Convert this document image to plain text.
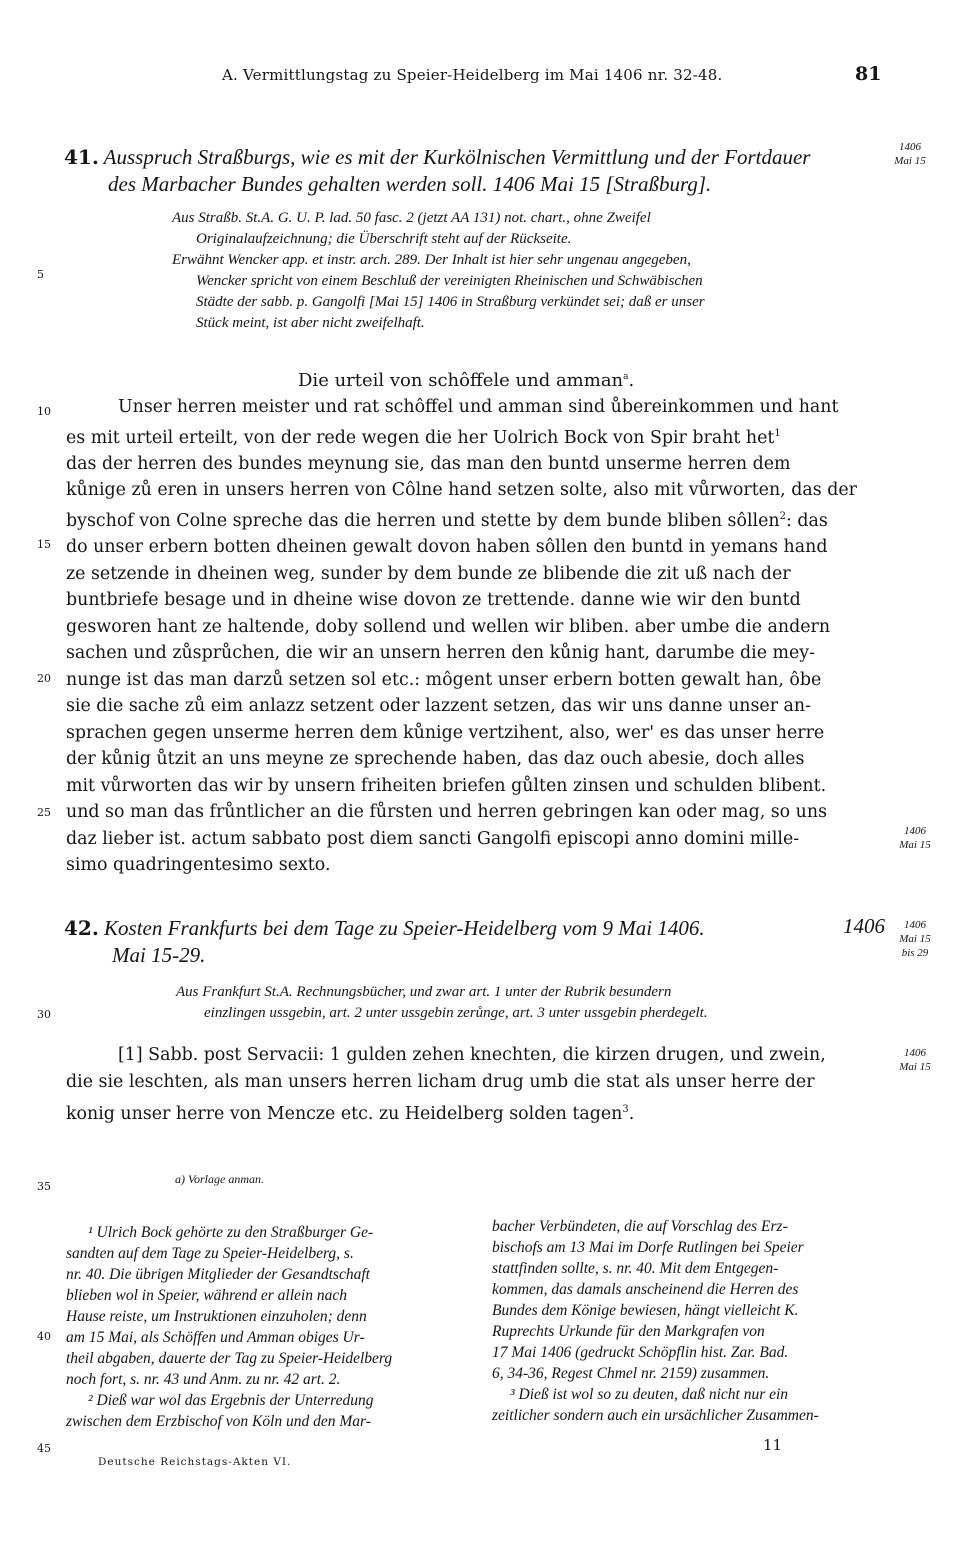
A. Vermittlungstag zu Speier-Heidelberg im Mai 1406 nr. 32-48.	81
5
10
15
20
25
30
35
40
45
41. Ausspruch Straßburgs, wie es mit der Kurkölnischen Vermittlung und der Fortdauer
des Marbacher Bundes gehalten werden soll. 1406 Mai 15 [Straßburg].
1406
Mai 15
Aus Straßb. St.A. G. U. P. lad. 50 fasc. 2 (jetzt AA 131) not. chart., ohne Zweifel
Originalaufzeichnung; die Überschrift steht auf der Rückseite.
Erwähnt Wencker app. et instr. arch. 289. Der Inhalt ist hier sehr ungenau angegeben,
Wencker spricht von einem Beschluß der vereinigten Rheinischen und Schwäbischen
Städte der sabb. p. Gangolfi [Mai 15] 1406 in Straßburg verkündet sei; daß er unser
Stück meint, ist aber nicht zweifelhaft.
Die urteil von schôffele und amman$^a$.

Unser herren meister und rat schôffel und amman sind ůbereinkommen und hant

es mit urteil erteilt, von der rede wegen die her Uolrich Bock von Spir braht het$^1$

das der herren des bundes meynung sie, das man den buntd unserme herren dem

kůnige zů eren in unsers herren von Côlne hand setzen solte, also mit vůrworten, das der

byschof von Colne spreche das die herren und stette by dem bunde bliben sôllen$^2$: das

do unser erbern botten dheinen gewalt dovon haben sôllen den buntd in yemans hand

ze setzende in dheinen weg, sunder by dem bunde ze blibende die zit uß nach der

buntbriefe besage und in dheine wise dovon ze trettende. danne wie wir den buntd

gesworen hant ze haltende, doby sollend und wellen wir bliben. aber umbe die andern

sachen und zůsprůchen, die wir an unsern herren den kůnig hant, darumbe die mey-

nunge ist das man darzů setzen sol etc.: môgent unser erbern botten gewalt han, ôbe

sie die sache zů eim anlazz setzent oder lazzent setzen, das wir uns danne unser an-

sprachen gegen unserme herren dem kůnige vertzihent, also, wer' es das unser herre

der kůnig ůtzit an uns meyne ze sprechende haben, das daz ouch abesie, doch alles

mit vůrworten das wir by unsern friheiten briefen gůlten zinsen und schulden blibent.

und so man das frůntlicher an die fůrsten und herren gebringen kan oder mag, so uns

daz lieber ist. actum sabbato post diem sancti Gangolfi episcopi anno domini mille-

simo quadringentesimo sexto.

1406
Mai 15
42. Kosten Frankfurts bei dem Tage zu Speier-Heidelberg vom 9 Mai 1406.
Mai 15-29.
1406	1406
Mai 15
bis 29
Aus Frankfurt St.A. Rechnungsbücher, und zwar art. 1 unter der Rubrik besundern
einzlingen ussgebin, art. 2 unter ussgebin zerůnge, art. 3 unter ussgebin pherdegelt.

[1] Sabb. post Servacii: 1 gulden zehen knechten, die kirzen drugen, und zwein,

die sie leschten, als man unsers herren licham drug umb die stat als unser herre der

konig unser herre von Mencze etc. zu Heidelberg solden tagen$^3$.

1406
Mai 15
a) Vorlage anman.

¹ Ulrich Bock gehörte zu den Straßburger Ge-

sandten auf dem Tage zu Speier-Heidelberg, s.

nr. 40. Die übrigen Mitglieder der Gesandtschaft

blieben wol in Speier, während er allein nach

Hause reiste, um Instruktionen einzuholen; denn

am 15 Mai, als Schöffen und Amman obiges Ur-

theil abgaben, dauerte der Tag zu Speier-Heidelberg

noch fort, s. nr. 43 und Anm. zu nr. 42 art. 2.

² Dieß war wol das Ergebnis der Unterredung

zwischen dem Erzbischof von Köln und den Mar-

bacher Verbündeten, die auf Vorschlag des Erz-

bischofs am 13 Mai im Dorfe Rutlingen bei Speier

stattfinden sollte, s. nr. 40. Mit dem Entgegen-

kommen, das damals anscheinend die Herren des

Bundes dem Könige bewiesen, hängt vielleicht K.

Ruprechts Urkunde für den Markgrafen von

17 Mai 1406 (gedruckt Schöpflin hist. Zar. Bad.

6, 34-36, Regest Chmel nr. 2159) zusammen.

³ Dieß ist wol so zu deuten, daß nicht nur ein

zeitlicher sondern auch ein ursächlicher Zusammen-

Deutsche Reichstags-Akten VI.
11
